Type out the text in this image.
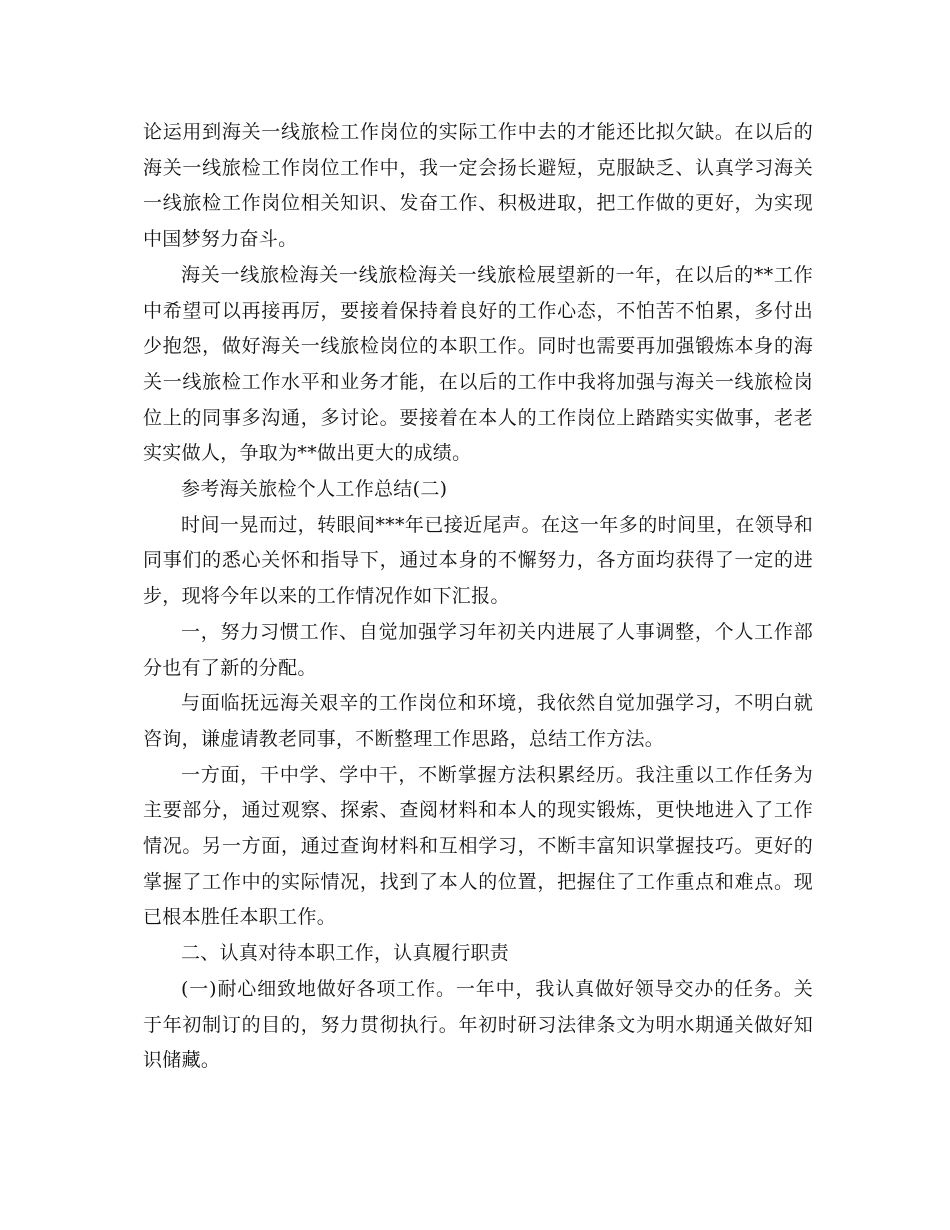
论运用到海关一线旅检工作岗位的实际工作中去的才能还比拟欠缺。在以后的海关一线旅检工作岗位工作中，我一定会扬长避短，克服缺乏、认真学习海关一线旅检工作岗位相关知识、发奋工作、积极进取，把工作做的更好，为实现中国梦努力奋斗。

海关一线旅检海关一线旅检海关一线旅检展望新的一年，在以后的**工作中希望可以再接再厉，要接着保持着良好的工作心态，不怕苦不怕累，多付出少抱怨，做好海关一线旅检岗位的本职工作。同时也需要再加强锻炼本身的海关一线旅检工作水平和业务才能，在以后的工作中我将加强与海关一线旅检岗位上的同事多沟通，多讨论。要接着在本人的工作岗位上踏踏实实做事，老老实实做人，争取为**做出更大的成绩。

参考海关旅检个人工作总结(二)

时间一晃而过，转眼间***年已接近尾声。在这一年多的时间里，在领导和同事们的悉心关怀和指导下，通过本身的不懈努力，各方面均获得了一定的进步，现将今年以来的工作情况作如下汇报。

一，努力习惯工作、自觉加强学习年初关内进展了人事调整，个人工作部分也有了新的分配。

与面临抚远海关艰辛的工作岗位和环境，我依然自觉加强学习，不明白就咨询，谦虚请教老同事，不断整理工作思路，总结工作方法。

一方面，干中学、学中干，不断掌握方法积累经历。我注重以工作任务为主要部分，通过观察、探索、查阅材料和本人的现实锻炼，更快地进入了工作情况。另一方面，通过查询材料和互相学习，不断丰富知识掌握技巧。更好的掌握了工作中的实际情况，找到了本人的位置，把握住了工作重点和难点。现已根本胜任本职工作。

二、认真对待本职工作，认真履行职责

(一)耐心细致地做好各项工作。一年中，我认真做好领导交办的任务。关于年初制订的目的，努力贯彻执行。年初时研习法律条文为明水期通关做好知识储藏。
